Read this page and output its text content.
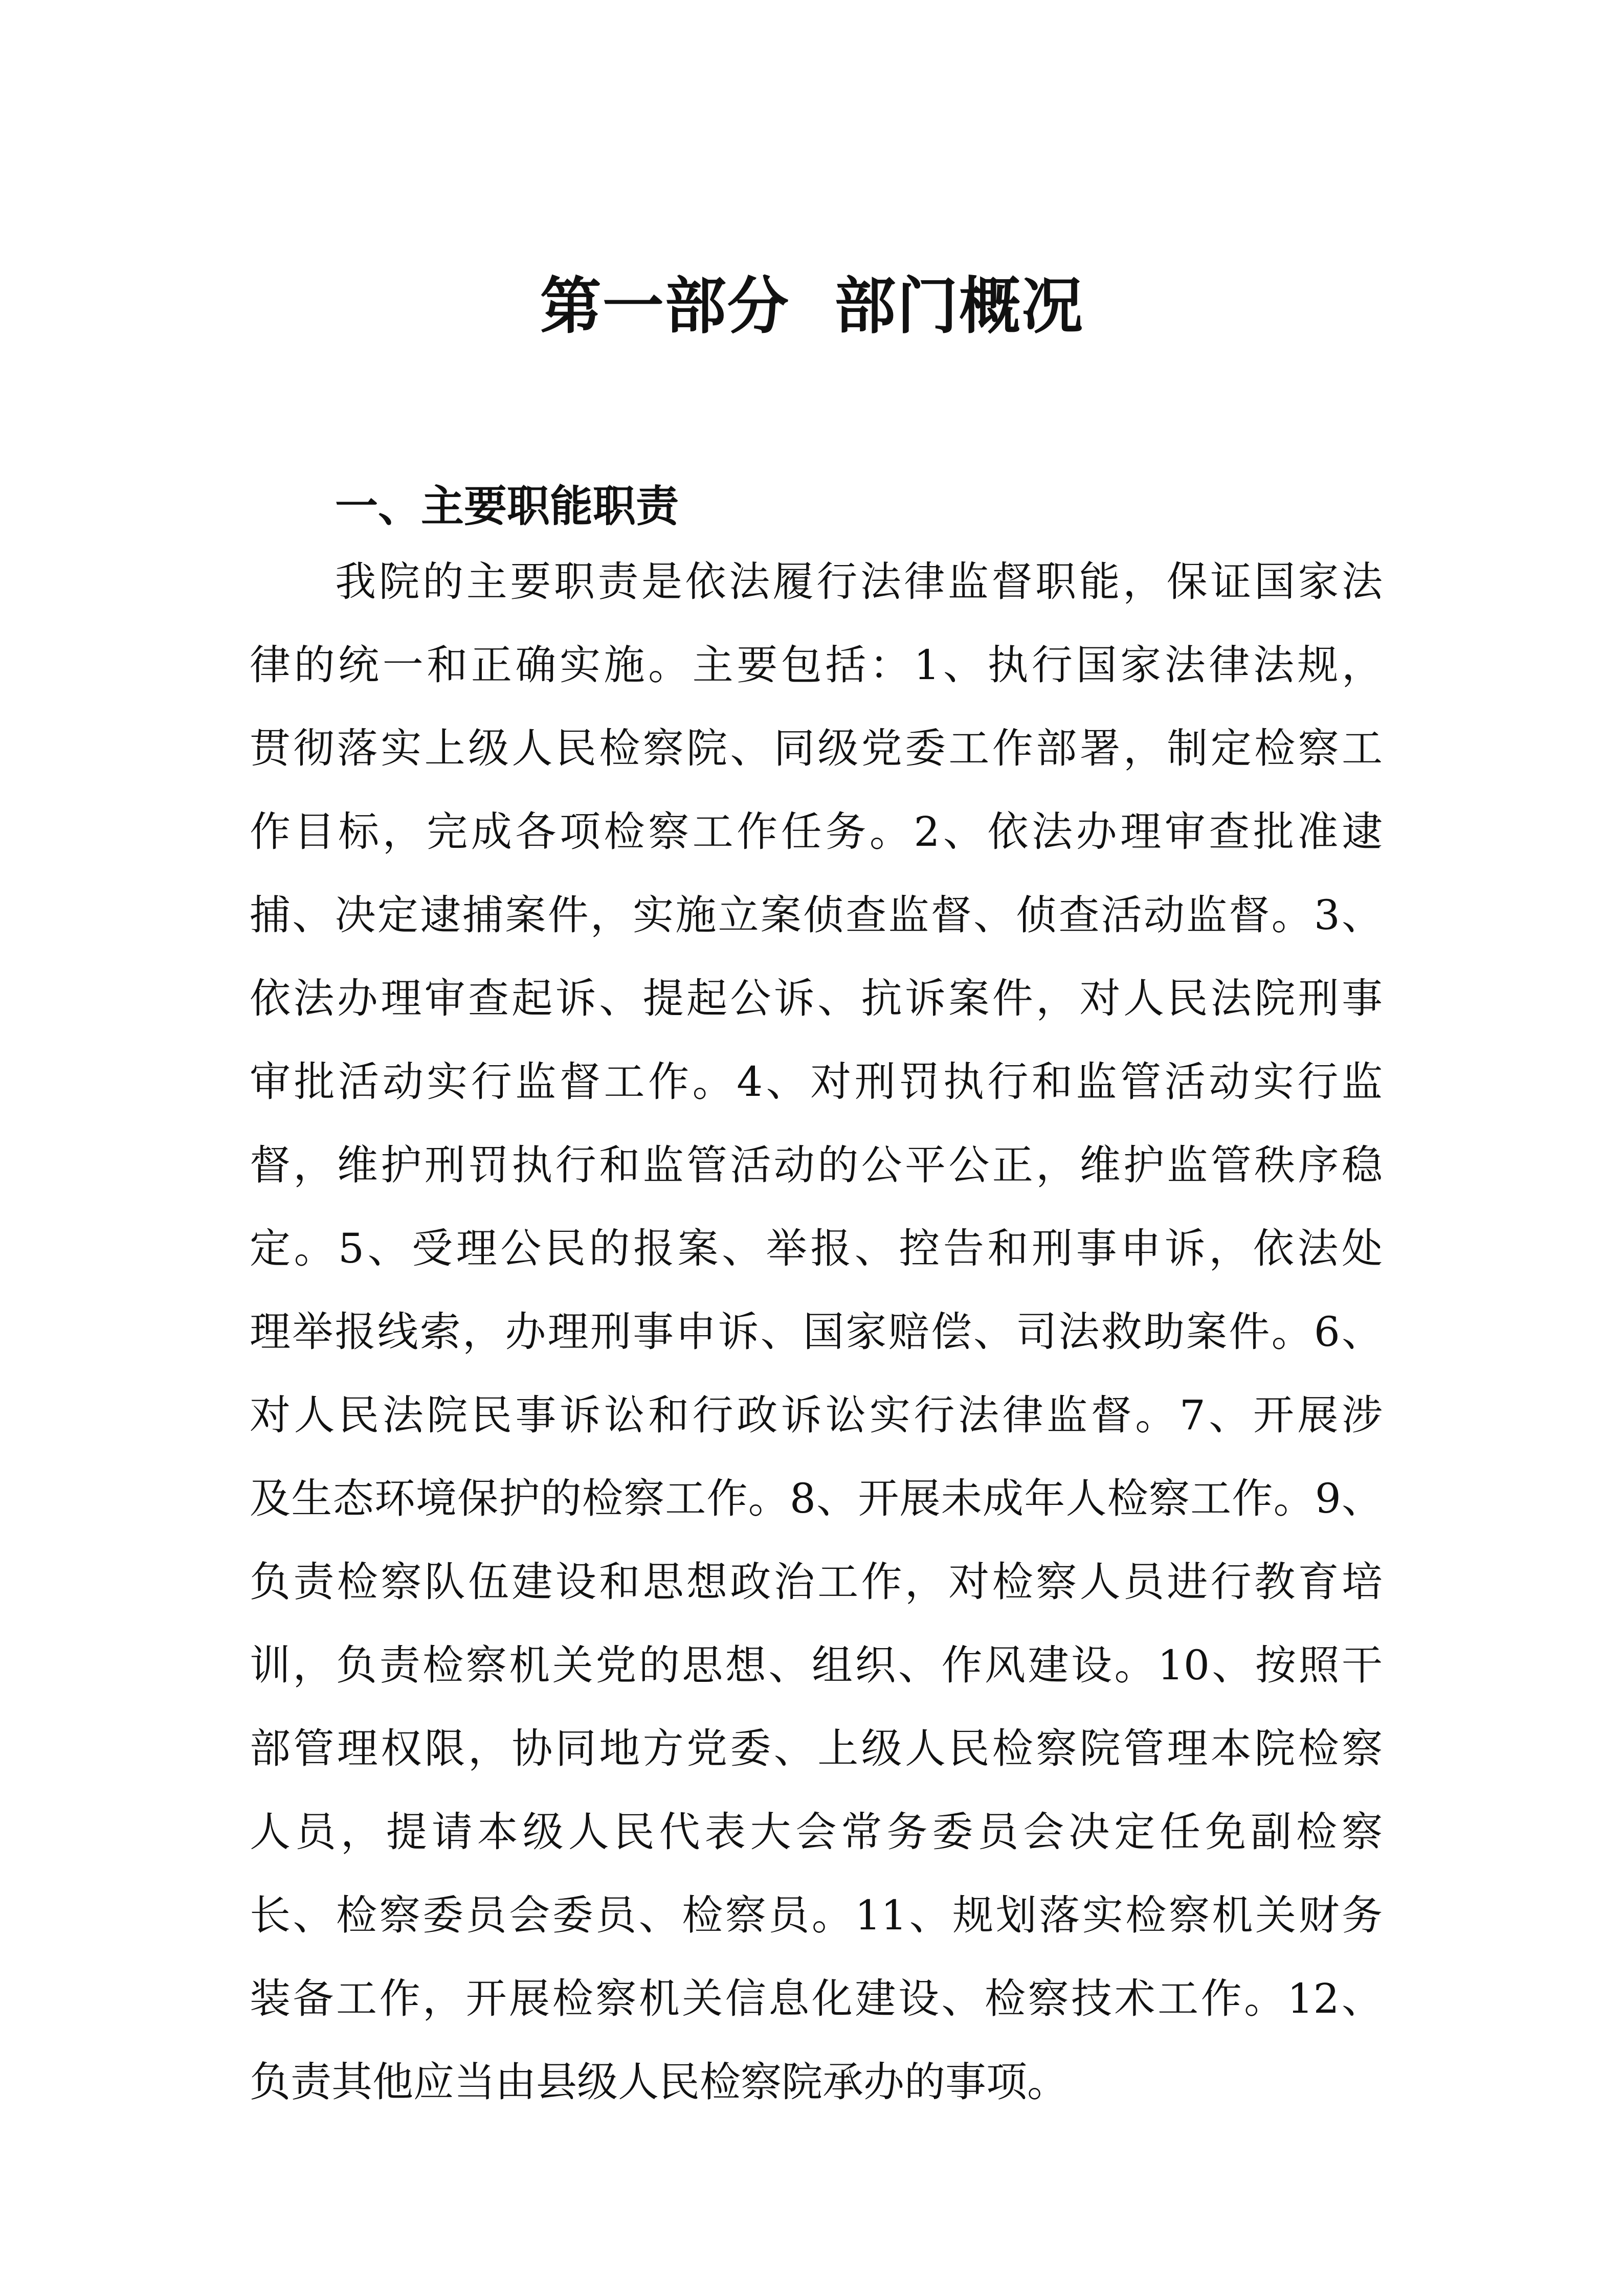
第一部分  部门概况
一、主要职能职责
我院的主要职责是依法履行法律监督职能，保证国家法
律的统一和正确实施。主要包括：1、执行国家法律法规，
贯彻落实上级人民检察院、同级党委工作部署，制定检察工
作目标，完成各项检察工作任务。2、依法办理审查批准逮
捕、决定逮捕案件，实施立案侦查监督、侦查活动监督。3、
依法办理审查起诉、提起公诉、抗诉案件，对人民法院刑事
审批活动实行监督工作。4、对刑罚执行和监管活动实行监
督，维护刑罚执行和监管活动的公平公正，维护监管秩序稳
定。5、受理公民的报案、举报、控告和刑事申诉，依法处
理举报线索，办理刑事申诉、国家赔偿、司法救助案件。6、
对人民法院民事诉讼和行政诉讼实行法律监督。7、开展涉
及生态环境保护的检察工作。8、开展未成年人检察工作。9、
负责检察队伍建设和思想政治工作，对检察人员进行教育培
训，负责检察机关党的思想、组织、作风建设。10、按照干
部管理权限，协同地方党委、上级人民检察院管理本院检察
人员，提请本级人民代表大会常务委员会决定任免副检察
长、检察委员会委员、检察员。11、规划落实检察机关财务
装备工作，开展检察机关信息化建设、检察技术工作。12、
负责其他应当由县级人民检察院承办的事项。
